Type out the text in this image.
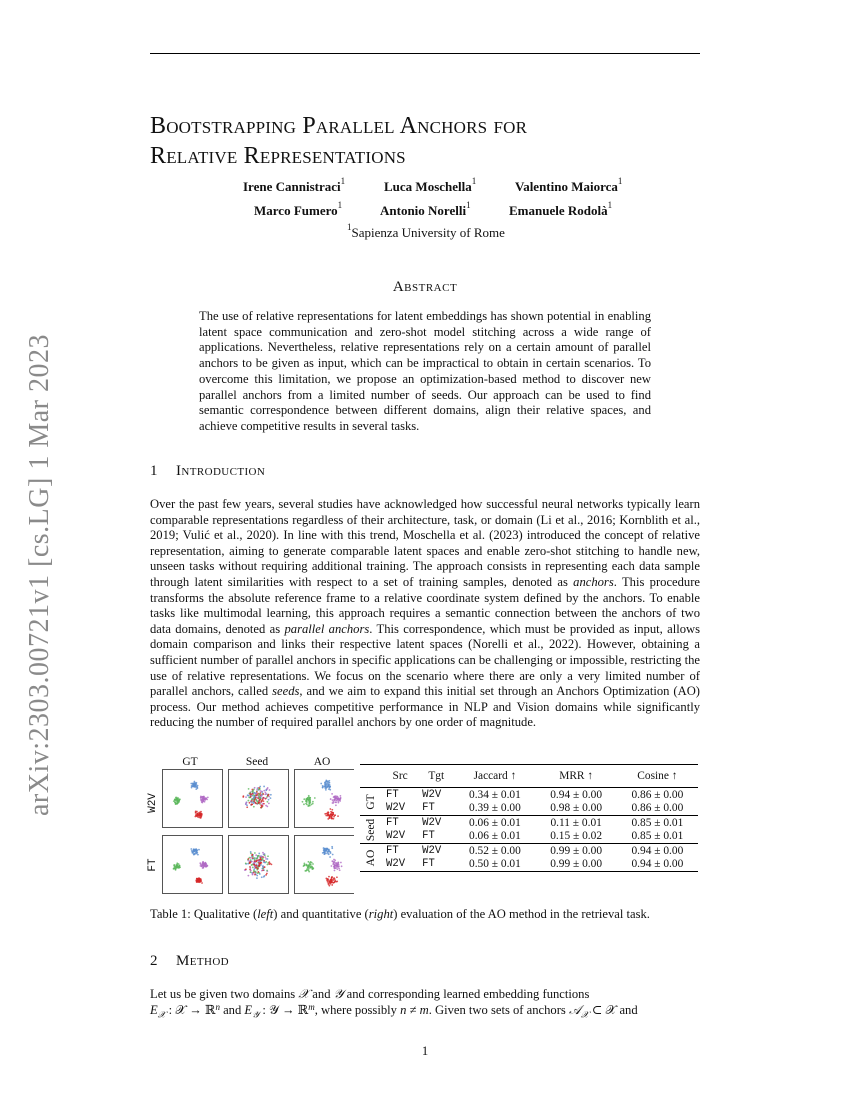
arXiv:2303.00721v1 [cs.LG] 1 Mar 2023
Bootstrapping Parallel Anchors for
Relative Representations
Irene Cannistraci$^1$	Luca Moschella$^1$	Valentino Maiorca$^1$
Marco Fumero$^1$	Antonio Norelli$^1$	Emanuele Rodolà$^1$
$^1$Sapienza University of Rome
Abstract
The use of relative representations for latent embeddings has shown potential in enabling latent space communication and zero-shot model stitching across a wide range of applications. Nevertheless, relative representations rely on a certain amount of parallel anchors to be given as input, which can be impractical to obtain in certain scenarios. To overcome this limitation, we propose an optimization-based method to discover new parallel anchors from a limited number of seeds. Our approach can be used to find semantic correspondence between different domains, align their relative spaces, and achieve competitive results in several tasks.
1 Introduction
Over the past few years, several studies have acknowledged how successful neural networks typically learn comparable representations regardless of their architecture, task, or domain (Li et al., 2016; Kornblith et al., 2019; Vulić et al., 2020). In line with this trend, Moschella et al. (2023) introduced the concept of relative representation, aiming to generate comparable latent spaces and enable zero-shot stitching to handle new, unseen tasks without requiring additional training. The approach consists in representing each data sample through latent similarities with respect to a set of training samples, denoted as anchors. This procedure transforms the absolute reference frame to a relative coordinate system defined by the anchors. To enable tasks like multimodal learning, this approach requires a semantic connection between the anchors of two data domains, denoted as parallel anchors. This correspondence, which must be provided as input, allows domain comparison and links their respective latent spaces (Norelli et al., 2022). However, obtaining a sufficient number of parallel anchors in specific applications can be challenging or impossible, restricting the use of relative representations. We focus on the scenario where there are only a very limited number of parallel anchors, called seeds, and we aim to expand this initial set through an Anchors Optimization (AO) process. Our method achieves competitive performance in NLP and Vision domains while significantly reducing the number of required parallel anchors by one order of magnitude.
GT	Seed	AO
W2V
FT
	Src	Tgt	Jaccard ↑	MRR ↑	Cosine ↑

GT	FT	W2V	0.34 ± 0.01	0.94 ± 0.00	0.86 ± 0.00
	W2V	FT	0.39 ± 0.00	0.98 ± 0.00	0.86 ± 0.00

Seed	FT	W2V	0.06 ± 0.01	0.11 ± 0.01	0.85 ± 0.01
	W2V	FT	0.06 ± 0.01	0.15 ± 0.02	0.85 ± 0.01

AO	FT	W2V	0.52 ± 0.00	0.99 ± 0.00	0.94 ± 0.00
	W2V	FT	0.50 ± 0.01	0.99 ± 0.00	0.94 ± 0.00
Table 1: Qualitative (left) and quantitative (right) evaluation of the AO method in the retrieval task.
2 Method
Let us be given two domains 𝒳 and 𝒴 and corresponding learned embedding functions
$E_𝒳$ : 𝒳 → ℝ$^n$ and $E_𝒴$ : 𝒴 → ℝ$^m$, where possibly n ≠ m. Given two sets of anchors 𝒜$_𝒳$ ⊂ 𝒳 and
1
